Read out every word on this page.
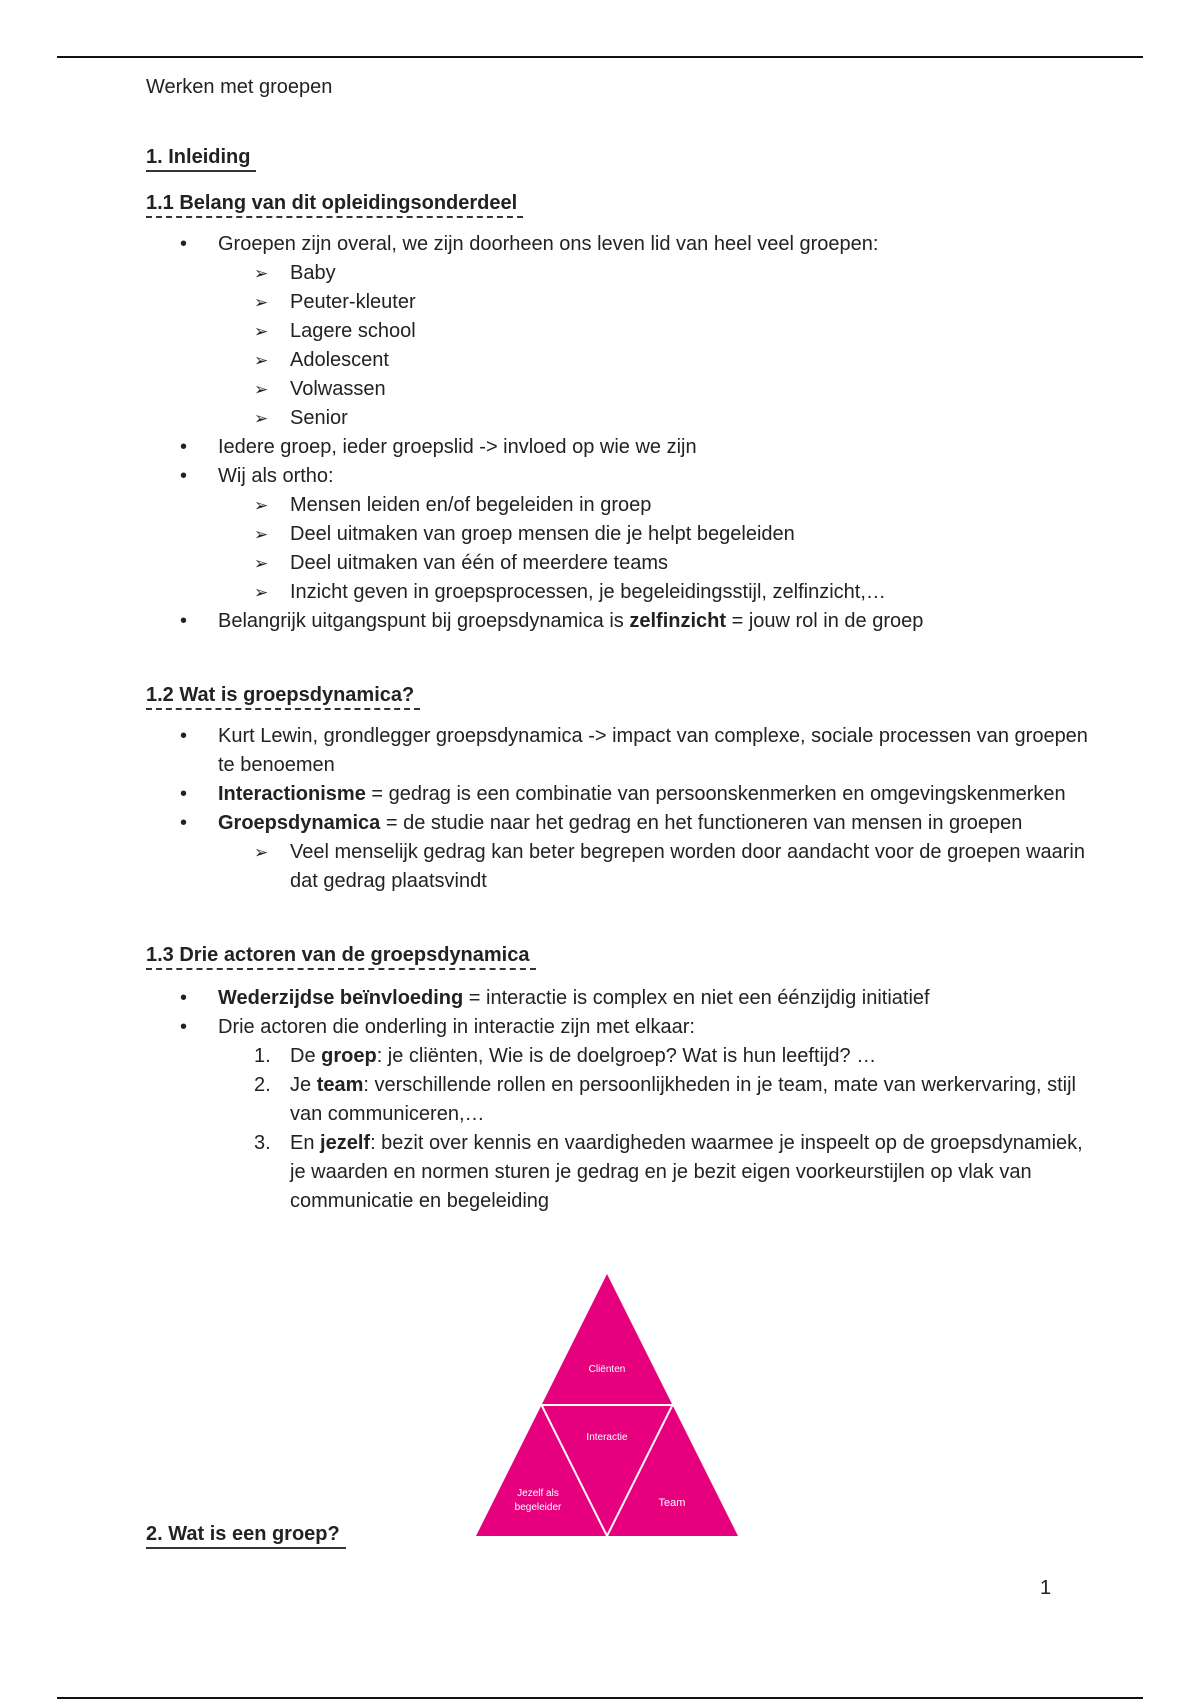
Werken met groepen

1. Inleiding
1.1 Belang van dit opleidingsonderdeel
• Groepen zijn overal, we zijn doorheen ons leven lid van heel veel groepen:
➢ Baby
➢ Peuter-kleuter
➢ Lagere school
➢ Adolescent
➢ Volwassen
➢ Senior
• Iedere groep, ieder groepslid -> invloed op wie we zijn
• Wij als ortho:
➢ Mensen leiden en/of begeleiden in groep
➢ Deel uitmaken van groep mensen die je helpt begeleiden
➢ Deel uitmaken van één of meerdere teams
➢ Inzicht geven in groepsprocessen, je begeleidingsstijl, zelfinzicht,…
• Belangrijk uitgangspunt bij groepsdynamica is zelfinzicht = jouw rol in de groep
1.2 Wat is groepsdynamica?
• Kurt Lewin, grondlegger groepsdynamica -> impact van complexe, sociale processen van groepen te benoemen
• Interactionisme = gedrag is een combinatie van persoonskenmerken en omgevingskenmerken
• Groepsdynamica = de studie naar het gedrag en het functioneren van mensen in groepen
➢ Veel menselijk gedrag kan beter begrepen worden door aandacht voor de groepen waarin dat gedrag plaatsvindt
1.3 Drie actoren van de groepsdynamica
• Wederzijdse beïnvloeding = interactie is complex en niet een éénzijdig initiatief
• Drie actoren die onderling in interactie zijn met elkaar:
1. De groep: je cliënten, Wie is de doelgroep? Wat is hun leeftijd? …
2. Je team: verschillende rollen en persoonlijkheden in je team, mate van werkervaring, stijl van communiceren,…
3. En jezelf: bezit over kennis en vaardigheden waarmee je inspeelt op de groepsdynamiek, je waarden en normen sturen je gedrag en je bezit eigen voorkeurstijlen op vlak van communicatie en begeleiding
Cliënten
Interactie
Jezelf als
begeleider	Team
2. Wat is een groep?
1
